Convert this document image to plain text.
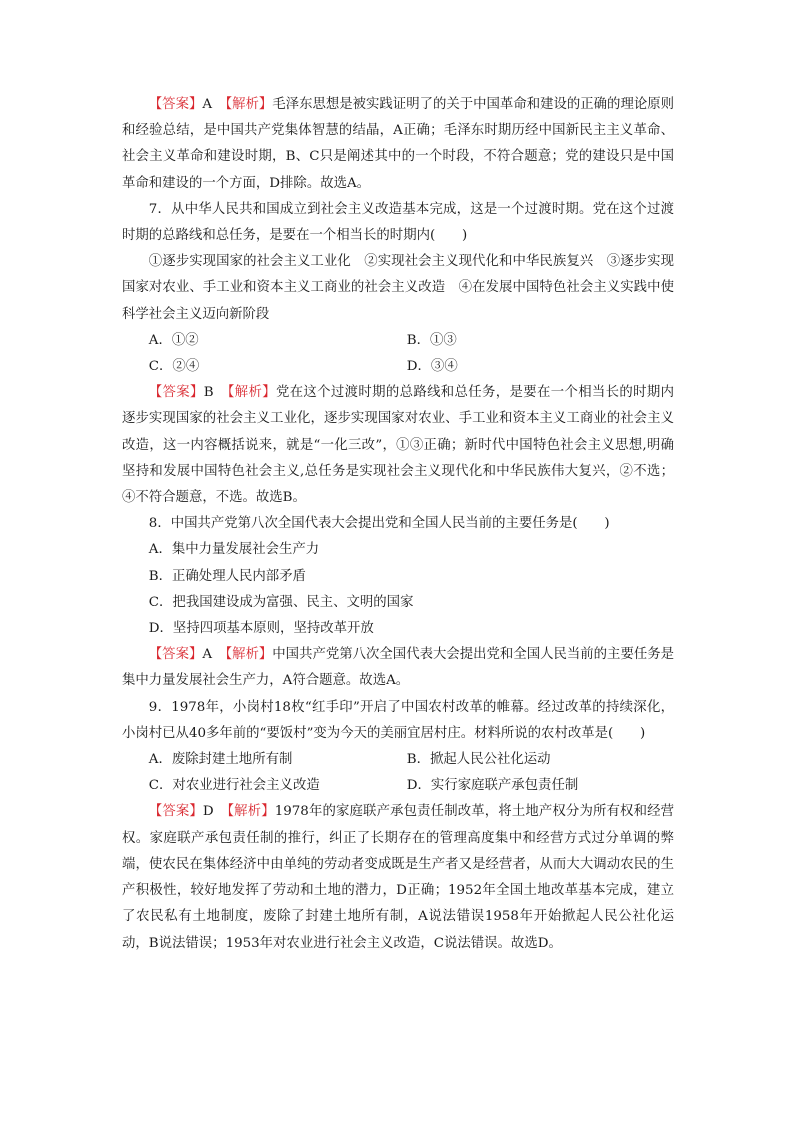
【答案】A　 【解析】毛泽东思想是被实践证明了的关于中国革命和建设的正确的理论原则和经验总结，是中国共产党集体智慧的结晶，A正确；毛泽东时期历经中国新民主主义革命、社会主义革命和建设时期，B、C只是阐述其中的一个时段，不符合题意；党的建设只是中国革命和建设的一个方面，D排除。故选A。

7．从中华人民共和国成立到社会主义改造基本完成，这是一个过渡时期。党在这个过渡时期的总路线和总任务，是要在一个相当长的时期内(　　)

①逐步实现国家的社会主义工业化　②实现社会主义现代化和中华民族复兴　③逐步实现国家对农业、手工业和资本主义工商业的社会主义改造　④在发展中国特色社会主义实践中使科学社会主义迈向新阶段

A．①②	B．①③
C．②④	D．③④

【答案】B　 【解析】党在这个过渡时期的总路线和总任务，是要在一个相当长的时期内逐步实现国家的社会主义工业化，逐步实现国家对农业、手工业和资本主义工商业的社会主义改造，这一内容概括说来，就是“一化三改”，①③正确；新时代中国特色社会主义思想,明确坚持和发展中国特色社会主义,总任务是实现社会主义现代化和中华民族伟大复兴，②不选；④不符合题意，不选。故选B。

8．中国共产党第八次全国代表大会提出党和全国人民当前的主要任务是(　　)

A．集中力量发展社会生产力

B．正确处理人民内部矛盾

C．把我国建设成为富强、民主、文明的国家

D．坚持四项基本原则，坚持改革开放

【答案】A　 【解析】中国共产党第八次全国代表大会提出党和全国人民当前的主要任务是集中力量发展社会生产力，A符合题意。故选A。

9．1978年，小岗村18枚“红手印”开启了中国农村改革的帷幕。经过改革的持续深化，小岗村已从40多年前的“要饭村”变为今天的美丽宜居村庄。材料所说的农村改革是(　　)

A．废除封建土地所有制	B．掀起人民公社化运动
C．对农业进行社会主义改造	D．实行家庭联产承包责任制

【答案】D　 【解析】1978年的家庭联产承包责任制改革，将土地产权分为所有权和经营权。家庭联产承包责任制的推行，纠正了长期存在的管理高度集中和经营方式过分单调的弊端，使农民在集体经济中由单纯的劳动者变成既是生产者又是经营者，从而大大调动农民的生产积极性，较好地发挥了劳动和土地的潜力，D正确；1952年全国土地改革基本完成，建立了农民私有土地制度，废除了封建土地所有制，A说法错误1958年开始掀起人民公社化运动，B说法错误；1953年对农业进行社会主义改造，C说法错误。故选D。
